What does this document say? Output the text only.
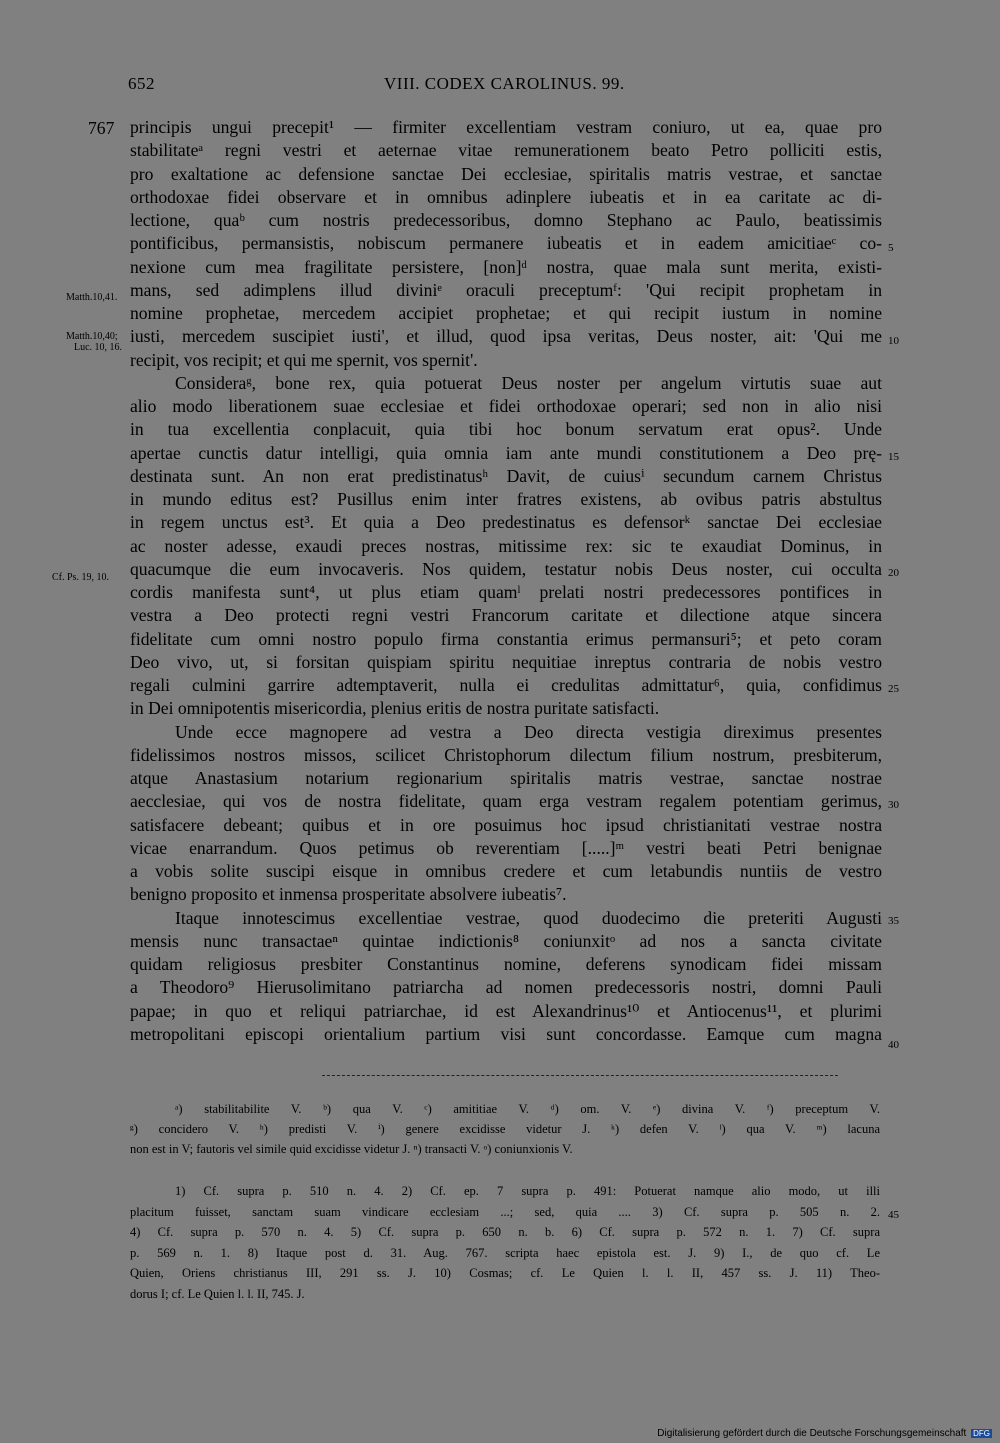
652	VIII. CODEX CAROLINUS. 99.
767 principis ungui precepit¹ — firmiter excellentiam vestram coniuro, ut ea, quae pro
stabilitateᵃ regni vestri et aeternae vitae remunerationem beato Petro polliciti estis,
pro exaltatione ac defensione sanctae Dei ecclesiae, spiritalis matris vestrae, et sanctae
orthodoxae fidei observare et in omnibus adinplere iubeatis et in ea caritate ac di-
lectione, quaᵇ cum nostris predecessoribus, domno Stephano ac Paulo, beatissimis
pontificibus, permansistis, nobiscum permanere iubeatis et in eadem amicitiaeᶜ co-
nexione cum mea fragilitate persistere, [non]ᵈ nostra, quae mala sunt merita, existi-
mans, sed adimplens illud diviniᵉ oraculi preceptumᶠ: 'Qui recipit prophetam in
nomine prophetae, mercedem accipiet prophetae; et qui recipit iustum in nomine
iusti, mercedem suscipiet iusti', et illud, quod ipsa veritas, Deus noster, ait: 'Qui me
recipit, vos recipit; et qui me spernit, vos spernit'.
Consideraᵍ, bone rex, quia potuerat Deus noster per angelum virtutis suae aut
alio modo liberationem suae ecclesiae et fidei orthodoxae operari; sed non in alio nisi
in tua excellentia conplacuit, quia tibi hoc bonum servatum erat opus². Unde
apertae cunctis datur intelligi, quia omnia iam ante mundi constitutionem a Deo prę-
destinata sunt. An non erat predistinatusʰ Davit, de cuiusⁱ secundum carnem Christus
in mundo editus est? Pusillus enim inter fratres existens, ab ovibus patris abstultus
in regem unctus est³. Et quia a Deo predestinatus es defensorᵏ sanctae Dei ecclesiae
ac noster adesse, exaudi preces nostras, mitissime rex: sic te exaudiat Dominus, in
quacumque die eum invocaveris. Nos quidem, testatur nobis Deus noster, cui occulta
cordis manifesta sunt⁴, ut plus etiam quamˡ prelati nostri predecessores pontifices in
vestra a Deo protecti regni vestri Francorum caritate et dilectione atque sincera
fidelitate cum omni nostro populo firma constantia erimus permansuri⁵; et peto coram
Deo vivo, ut, si forsitan quispiam spiritu nequitiae inreptus contraria de nobis vestro
regali culmini garrire adtemptaverit, nulla ei credulitas admittatur⁶, quia, confidimus
in Dei omnipotentis misericordia, plenius eritis de nostra puritate satisfacti.
Unde ecce magnopere ad vestra a Deo directa vestigia direximus presentes
fidelissimos nostros missos, scilicet Christophorum dilectum filium nostrum, presbiterum,
atque Anastasium notarium regionarium spiritalis matris vestrae, sanctae nostrae
aecclesiae, qui vos de nostra fidelitate, quam erga vestram regalem potentiam gerimus,
satisfacere debeant; quibus et in ore posuimus hoc ipsud christianitati vestrae nostra
vicae enarrandum. Quos petimus ob reverentiam [.....]ᵐ vestri beati Petri benignae
a vobis solite suscipi eisque in omnibus credere et cum letabundis nuntiis de vestro
benigno proposito et inmensa prosperitate absolvere iubeatis⁷.
Itaque innotescimus excellentiae vestrae, quod duodecimo die preteriti Augusti
mensis nunc transactaeⁿ quintae indictionis⁸ coniunxitᵒ ad nos a sancta civitate
quidam religiosus presbiter Constantinus nomine, deferens synodicam fidei missam
a Theodoro⁹ Hierusolimitano patriarcha ad nomen predecessoris nostri, domni Pauli
papae; in quo et reliqui patriarchae, id est Alexandrinus¹⁰ et Antiocenus¹¹, et plurimi
metropolitani episcopi orientalium partium visi sunt concordasse. Eamque cum magna
5
10
15
20
25
30
35
40
Matth.10,41.
Matth.10,40;
Luc. 10, 16.
Cf. Ps. 19, 10.
ᵃ) stabilitabilite V. ᵇ) qua V. ᶜ) amititiae V. ᵈ) om. V. ᵉ) divina V. ᶠ) preceptum V.
ᵍ) concidero V. ʰ) predisti V. ⁱ) genere excidisse videtur J. ᵏ) defen V. ˡ) qua V. ᵐ) lacuna
non est in V; fautoris vel simile quid excidisse videtur J. ⁿ) transacti V. ᵒ) coniunxionis V.
1) Cf. supra p. 510 n. 4. 2) Cf. ep. 7 supra p. 491: Potuerat namque alio modo, ut illi
placitum fuisset, sanctam suam vindicare ecclesiam ...; sed, quia .... 3) Cf. supra p. 505 n. 2.
4) Cf. supra p. 570 n. 4. 5) Cf. supra p. 650 n. b. 6) Cf. supra p. 572 n. 1. 7) Cf. supra
p. 569 n. 1. 8) Itaque post d. 31. Aug. 767. scripta haec epistola est. J. 9) I., de quo cf. Le
Quien, Oriens christianus III, 291 ss. J. 10) Cosmas; cf. Le Quien l. l. II, 457 ss. J. 11) Theo-
dorus I; cf. Le Quien l. l. II, 745. J.
45
Digitalisierung gefördert durch die Deutsche Forschungsgemeinschaft DFG
